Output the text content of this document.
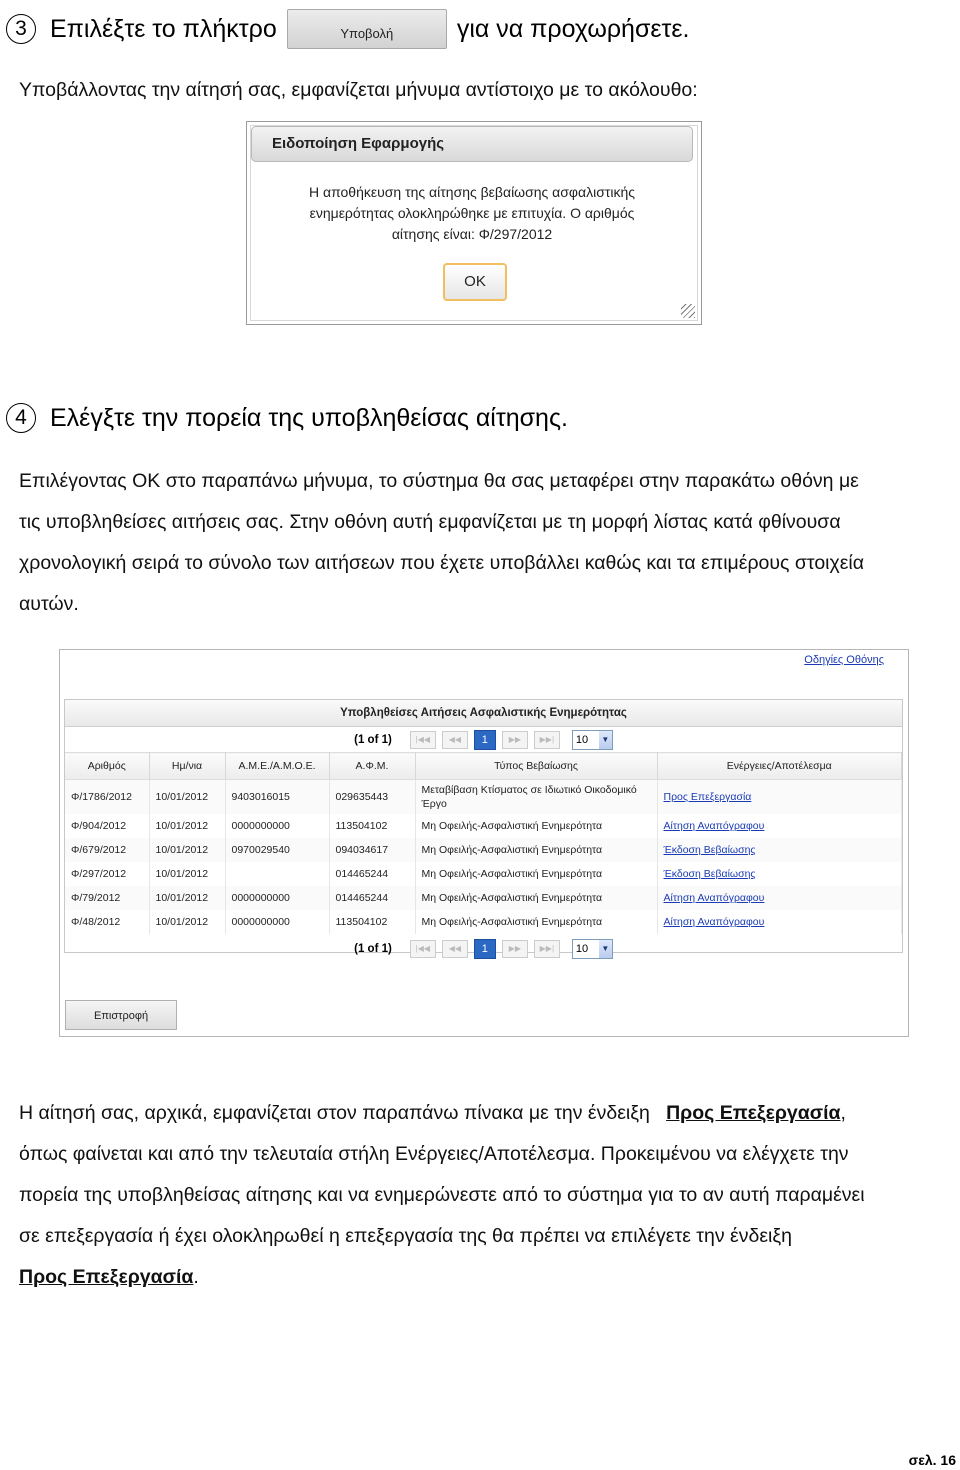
3 Επιλέξτε το πλήκτρο	Υποβολή	για να προχωρήσετε.
Υποβάλλοντας την αίτησή σας, εμφανίζεται μήνυμα αντίστοιχο με το ακόλουθο:
Ειδοποίηση Εφαρμογής
Η αποθήκευση της αίτησης βεβαίωσης ασφαλιστικής
ενημερότητας ολοκληρώθηκε με επιτυχία. Ο αριθμός
αίτησης είναι: Φ/297/2012
OK
4 Ελέγξτε την πορεία της υποβληθείσας αίτησης.
Επιλέγοντας ΟΚ στο παραπάνω μήνυμα, το σύστημα θα σας μεταφέρει στην παρακάτω οθόνη με
τις υποβληθείσες αιτήσεις σας. Στην οθόνη αυτή εμφανίζεται με τη μορφή λίστας κατά φθίνουσα
χρονολογική σειρά το σύνολο των αιτήσεων που έχετε υποβάλλει καθώς και τα επιμέρους στοιχεία
αυτών.
Οδηγίες Οθόνης
Υποβληθείσες Αιτήσεις Ασφαλιστικής Ενημερότητας
(1 of 1)	|◀◀	◀◀	1	▶▶	▶▶|	10	▼
Αριθμός	Ημ/νια	Α.Μ.Ε./Α.Μ.Ο.Ε.	Α.Φ.Μ.	Τύπος Βεβαίωσης	Ενέργειες/Αποτέλεσμα
Φ/1786/2012	10/01/2012	9403016015	029635443	Μεταβίβαση Κτίσματος σε Ιδιωτικό Οικοδομικό Έργο	Προς Επεξεργασία
Φ/904/2012	10/01/2012	0000000000	113504102	Μη Οφειλής-Ασφαλιστική Ενημερότητα	Αίτηση Αναπόγραφου
Φ/679/2012	10/01/2012	0970029540	094034617	Μη Οφειλής-Ασφαλιστική Ενημερότητα	Έκδοση Βεβαίωσης
Φ/297/2012	10/01/2012		014465244	Μη Οφειλής-Ασφαλιστική Ενημερότητα	Έκδοση Βεβαίωσης
Φ/79/2012	10/01/2012	0000000000	014465244	Μη Οφειλής-Ασφαλιστική Ενημερότητα	Αίτηση Αναπόγραφου
Φ/48/2012	10/01/2012	0000000000	113504102	Μη Οφειλής-Ασφαλιστική Ενημερότητα	Αίτηση Αναπόγραφου
(1 of 1)	|◀◀	◀◀	1	▶▶	▶▶|	10	▼
Επιστροφή
Η αίτησή σας, αρχικά, εμφανίζεται στον παραπάνω πίνακα με την ένδειξη Προς Επεξεργασία,
όπως φαίνεται και από την τελευταία στήλη Ενέργειες/Αποτέλεσμα. Προκειμένου να ελέγχετε την
πορεία της υποβληθείσας αίτησης και να ενημερώνεστε από το σύστημα για το αν αυτή παραμένει
σε επεξεργασία ή έχει ολοκληρωθεί η επεξεργασία της θα πρέπει να επιλέγετε την ένδειξη
Προς Επεξεργασία.
σελ. 16
